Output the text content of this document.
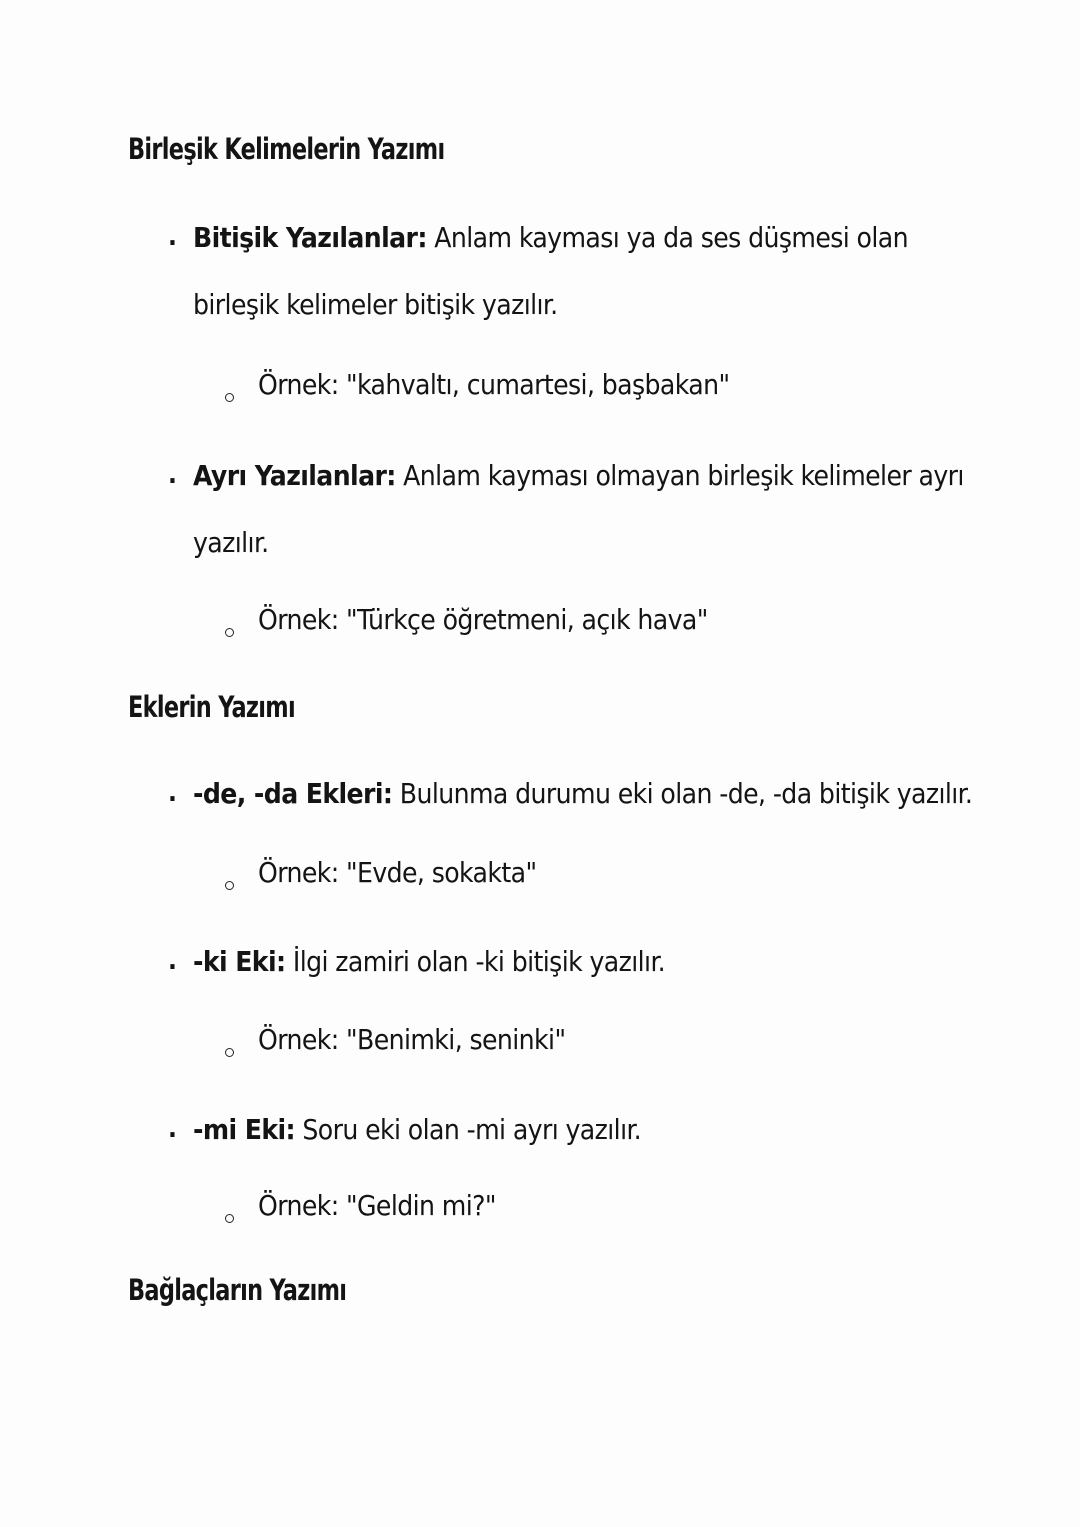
Birleşik Kelimelerin Yazımı
. Bitişik Yazılanlar: Anlam kayması ya da ses düşmesi olan birleşik kelimeler bitişik yazılır.
Örnek: "kahvaltı, cumartesi, başbakan"
. Ayrı Yazılanlar: Anlam kayması olmayan birleşik kelimeler ayrı yazılır.
Örnek: "Türkçe öğretmeni, açık hava"
Eklerin Yazımı
. -de, -da Ekleri: Bulunma durumu eki olan -de, -da bitişik yazılır.
Örnek: "Evde, sokakta"
. -ki Eki: İlgi zamiri olan -ki bitişik yazılır.
Örnek: "Benimki, seninki"
. -mi Eki: Soru eki olan -mi ayrı yazılır.
Örnek: "Geldin mi?"
Bağlaçların Yazımı
